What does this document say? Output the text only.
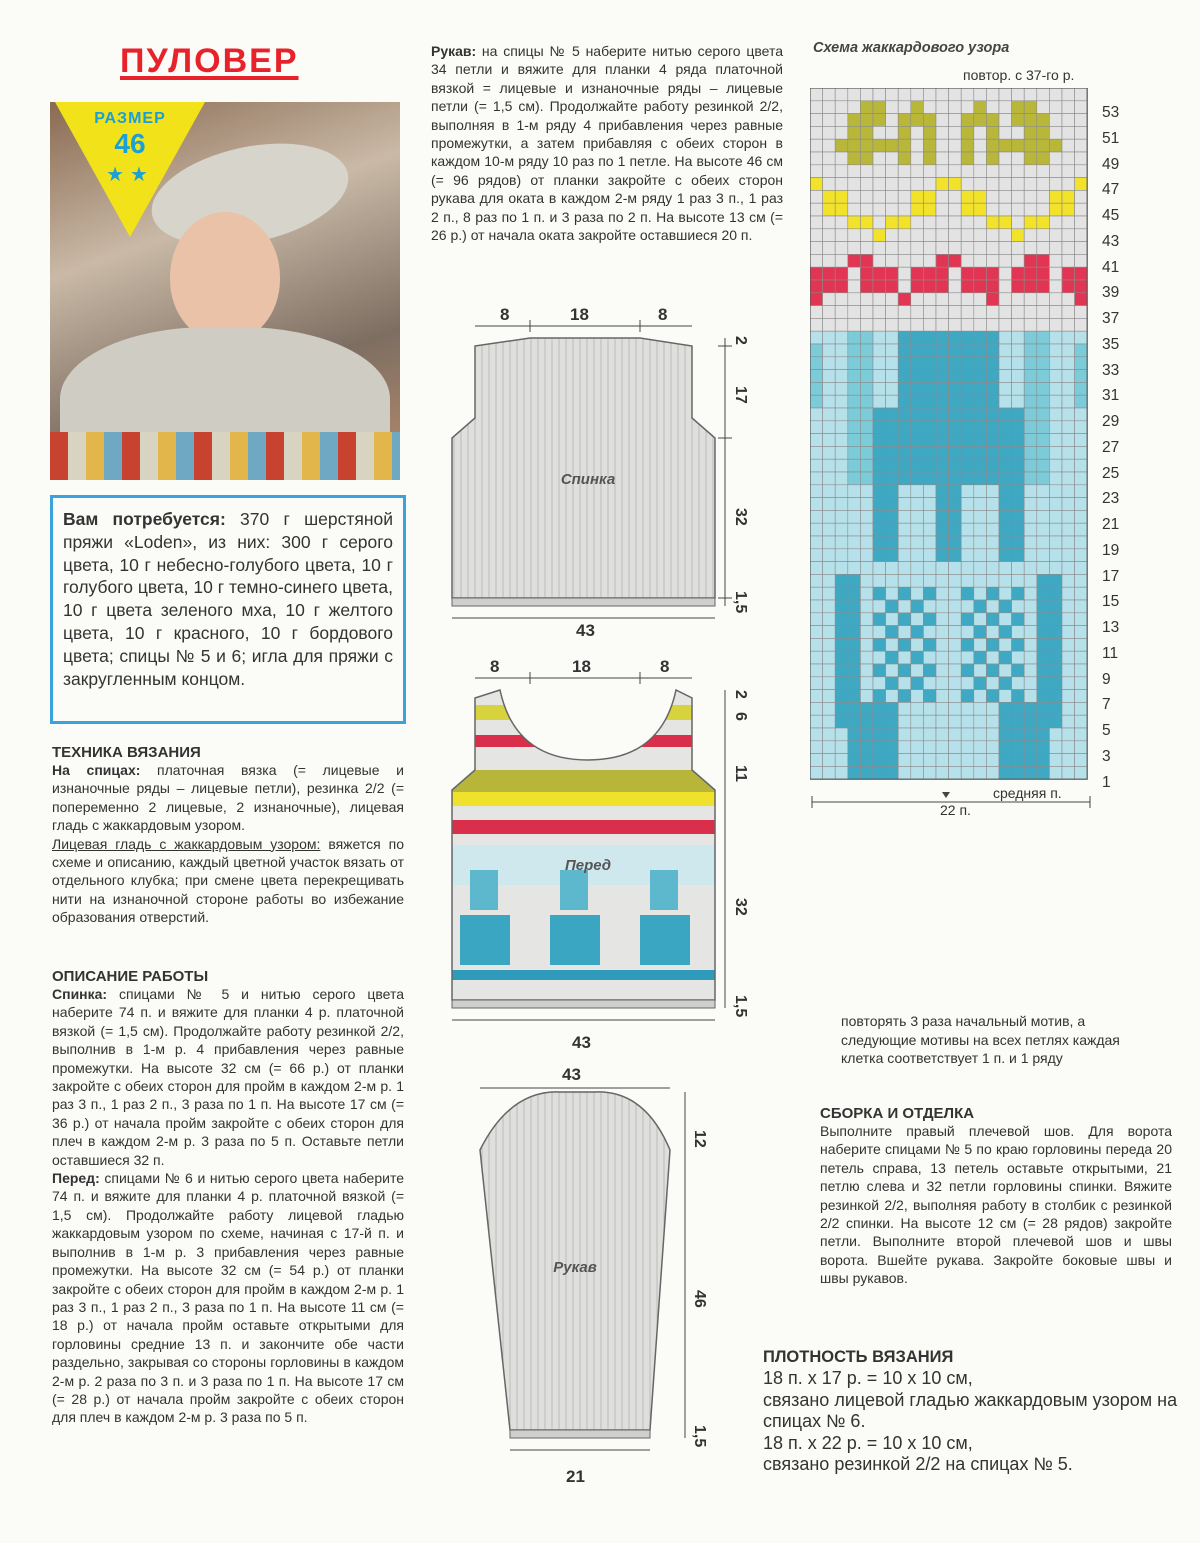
ПУЛОВЕР
РАЗМЕР
46
★★
Вам потребуется: 370 г шерстяной пряжи «Loden», из них: 300 г серого цвета, 10 г небесно-голубого цвета, 10 г голубого цвета, 10 г темно-синего цвета, 10 г цвета зеленого мха, 10 г желтого цвета, 10 г красного, 10 г бордового цвета; спицы № 5 и 6; игла для пряжи с закругленным концом.
ТЕХНИКА ВЯЗАНИЯ
На спицах: платочная вязка (= лицевые и изнаночные ряды – лицевые петли), резинка 2/2 (= попеременно 2 лицевые, 2 изнаночные), лицевая гладь с жаккардовым узором.
Лицевая гладь с жаккардовым узором: вяжется по схеме и описанию, каждый цветной участок вязать от отдельного клубка; при смене цвета перекрещивать нити на изнаночной стороне работы во избежание образования отверстий.
ОПИСАНИЕ РАБОТЫ
Спинка: спицами № 5 и нитью серого цвета наберите 74 п. и вяжите для планки 4 р. платочной вязкой (= 1,5 см). Продолжайте работу резинкой 2/2, выполнив в 1-м р. 4 прибавления через равные промежутки. На высоте 32 см (= 66 р.) от планки закройте с обеих сторон для пройм в каждом 2-м р. 1 раз 3 п., 1 раз 2 п., 3 раза по 1 п. На высоте 17 см (= 36 р.) от начала пройм закройте с обеих сторон для плеч в каждом 2-м р. 3 раза по 5 п. Оставьте петли оставшиеся 32 п.
Перед: спицами № 6 и нитью серого цвета наберите 74 п. и вяжите для планки 4 р. платочной вязкой (= 1,5 см). Продолжайте работу лицевой гладью жаккардовым узором по схеме, начиная с 17-й п. и выполнив в 1-м р. 3 прибавления через равные промежутки. На высоте 32 см (= 54 р.) от планки закройте с обеих сторон для пройм в каждом 2-м р. 1 раз 3 п., 1 раз 2 п., 3 раза по 1 п. На высоте 11 см (= 18 р.) от начала пройм оставьте открытыми для горловины средние 13 п. и закончите обе части раздельно, закрывая со стороны горловины в каждом 2-м р. 2 раза по 3 п. и 3 раза по 1 п. На высоте 17 см (= 28 р.) от начала пройм закройте с обеих сторон для плеч в каждом 2-м р. 3 раза по 5 п.
Рукав: на спицы № 5 наберите нитью серого цвета 34 петли и вяжите для планки 4 ряда платочной вязкой = лицевые и изнаночные ряды – лицевые петли (= 1,5 см). Продолжайте работу резинкой 2/2, выполняя в 1-м ряду 4 прибавления через равные промежутки, а затем прибавляя с обеих сторон в каждом 10-м ряду 10 раз по 1 петле. На высоте 46 см (= 96 рядов) от планки закройте с обеих сторон рукава для оката в каждом 2-м ряду 1 раз 3 п., 1 раз 2 п., 8 раз по 1 п. и 3 раза по 2 п. На высоте 13 см (= 26 р.) от начала оката закройте оставшиеся 20 п.
Спинка
8	18	8
43
2
17
32
1,5
Перед
8	18	8
43
2
6
11
32
1,5
Рукав
43
21
12
46
1,5
Схема жаккардового узора
повтор. с 37-го р.
53
51
49
47
45
43
41
39
37
35
33
31
29
27
25
23
21
19
17
15
13
11
9
7
5
3
1
22 п.
средняя п.
повторять 3 раза начальный мотив, а следующие мотивы на всех петлях каждая клетка соответствует 1 п. и 1 ряду
СБОРКА И ОТДЕЛКА
Выполните правый плечевой шов. Для ворота наберите спицами № 5 по краю горловины переда 20 петель справа, 13 петель оставьте открытыми, 21 петлю слева и 32 петли горловины спинки. Вяжите резинкой 2/2, выполняя работу в столбик с резинкой 2/2 спинки. На высоте 12 см (= 28 рядов) закройте петли. Выполните второй плечевой шов и швы ворота. Вшейте рукава. Закройте боковые швы и швы рукавов.
ПЛОТНОСТЬ ВЯЗАНИЯ
18 п. х 17 р. = 10 х 10 см,
связано лицевой гладью жаккардовым узором на спицах № 6.
18 п. х 22 р. = 10 х 10 см,
связано резинкой 2/2 на спицах № 5.
